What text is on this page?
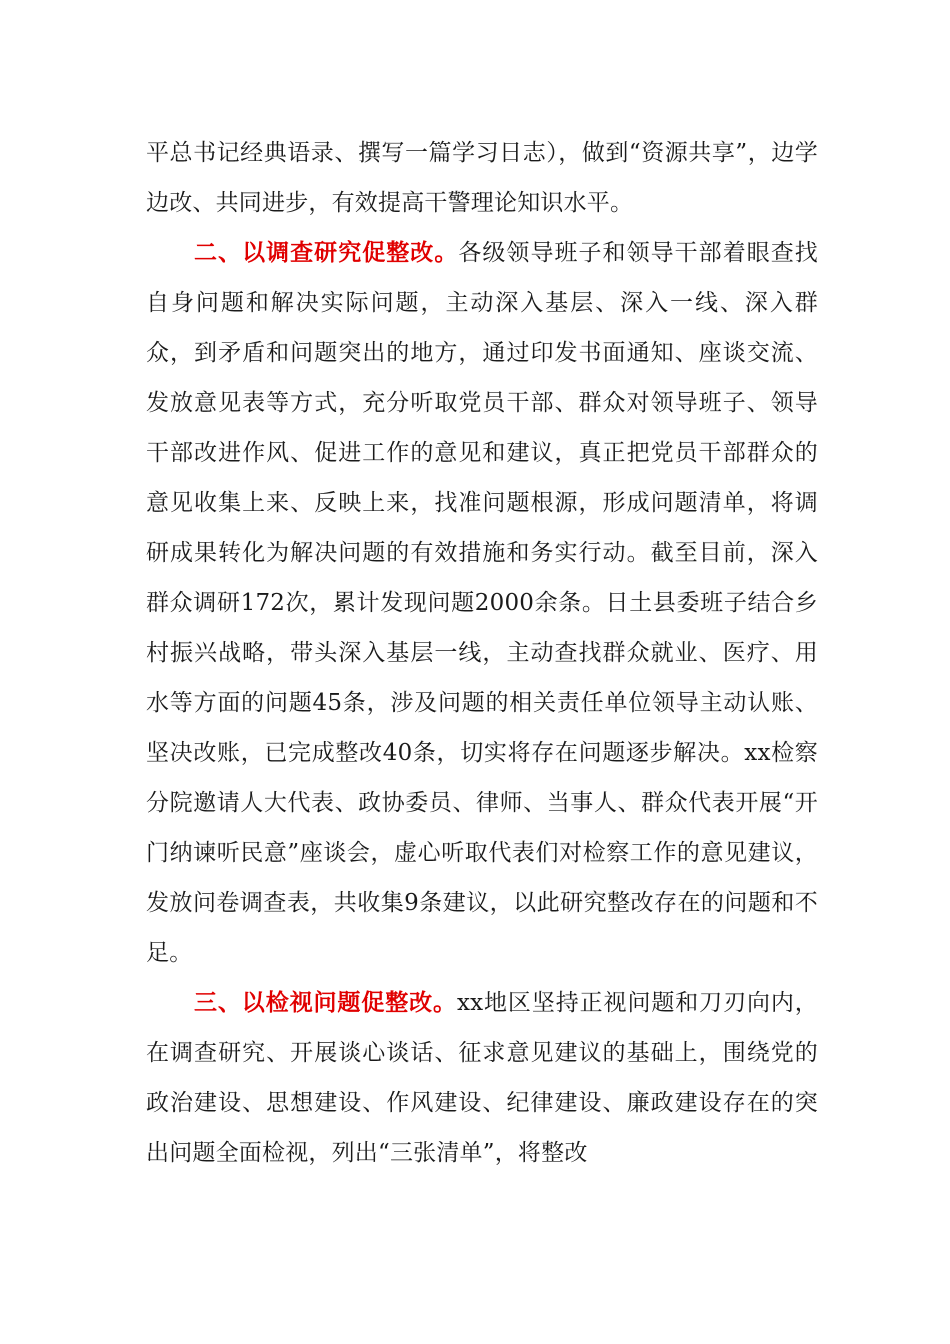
平总书记经典语录、撰写一篇学习日志），做到“资源共享”，边学边改、共同进步，有效提高干警理论知识水平。

二、以调查研究促整改。各级领导班子和领导干部着眼查找自身问题和解决实际问题，主动深入基层、深入一线、深入群众，到矛盾和问题突出的地方，通过印发书面通知、座谈交流、发放意见表等方式，充分听取党员干部、群众对领导班子、领导干部改进作风、促进工作的意见和建议，真正把党员干部群众的意见收集上来、反映上来，找准问题根源，形成问题清单，将调研成果转化为解决问题的有效措施和务实行动。截至目前，深入群众调研172次，累计发现问题2000余条。日土县委班子结合乡村振兴战略，带头深入基层一线，主动查找群众就业、医疗、用水等方面的问题45条，涉及问题的相关责任单位领导主动认账、坚决改账，已完成整改40条，切实将存在问题逐步解决。xx检察分院邀请人大代表、政协委员、律师、当事人、群众代表开展“开门纳谏听民意”座谈会，虚心听取代表们对检察工作的意见建议，发放问卷调查表，共收集9条建议，以此研究整改存在的问题和不足。

三、以检视问题促整改。xx地区坚持正视问题和刀刃向内，在调查研究、开展谈心谈话、征求意见建议的基础上，围绕党的政治建设、思想建设、作风建设、纪律建设、廉政建设存在的突出问题全面检视，列出“三张清单”，将整改
